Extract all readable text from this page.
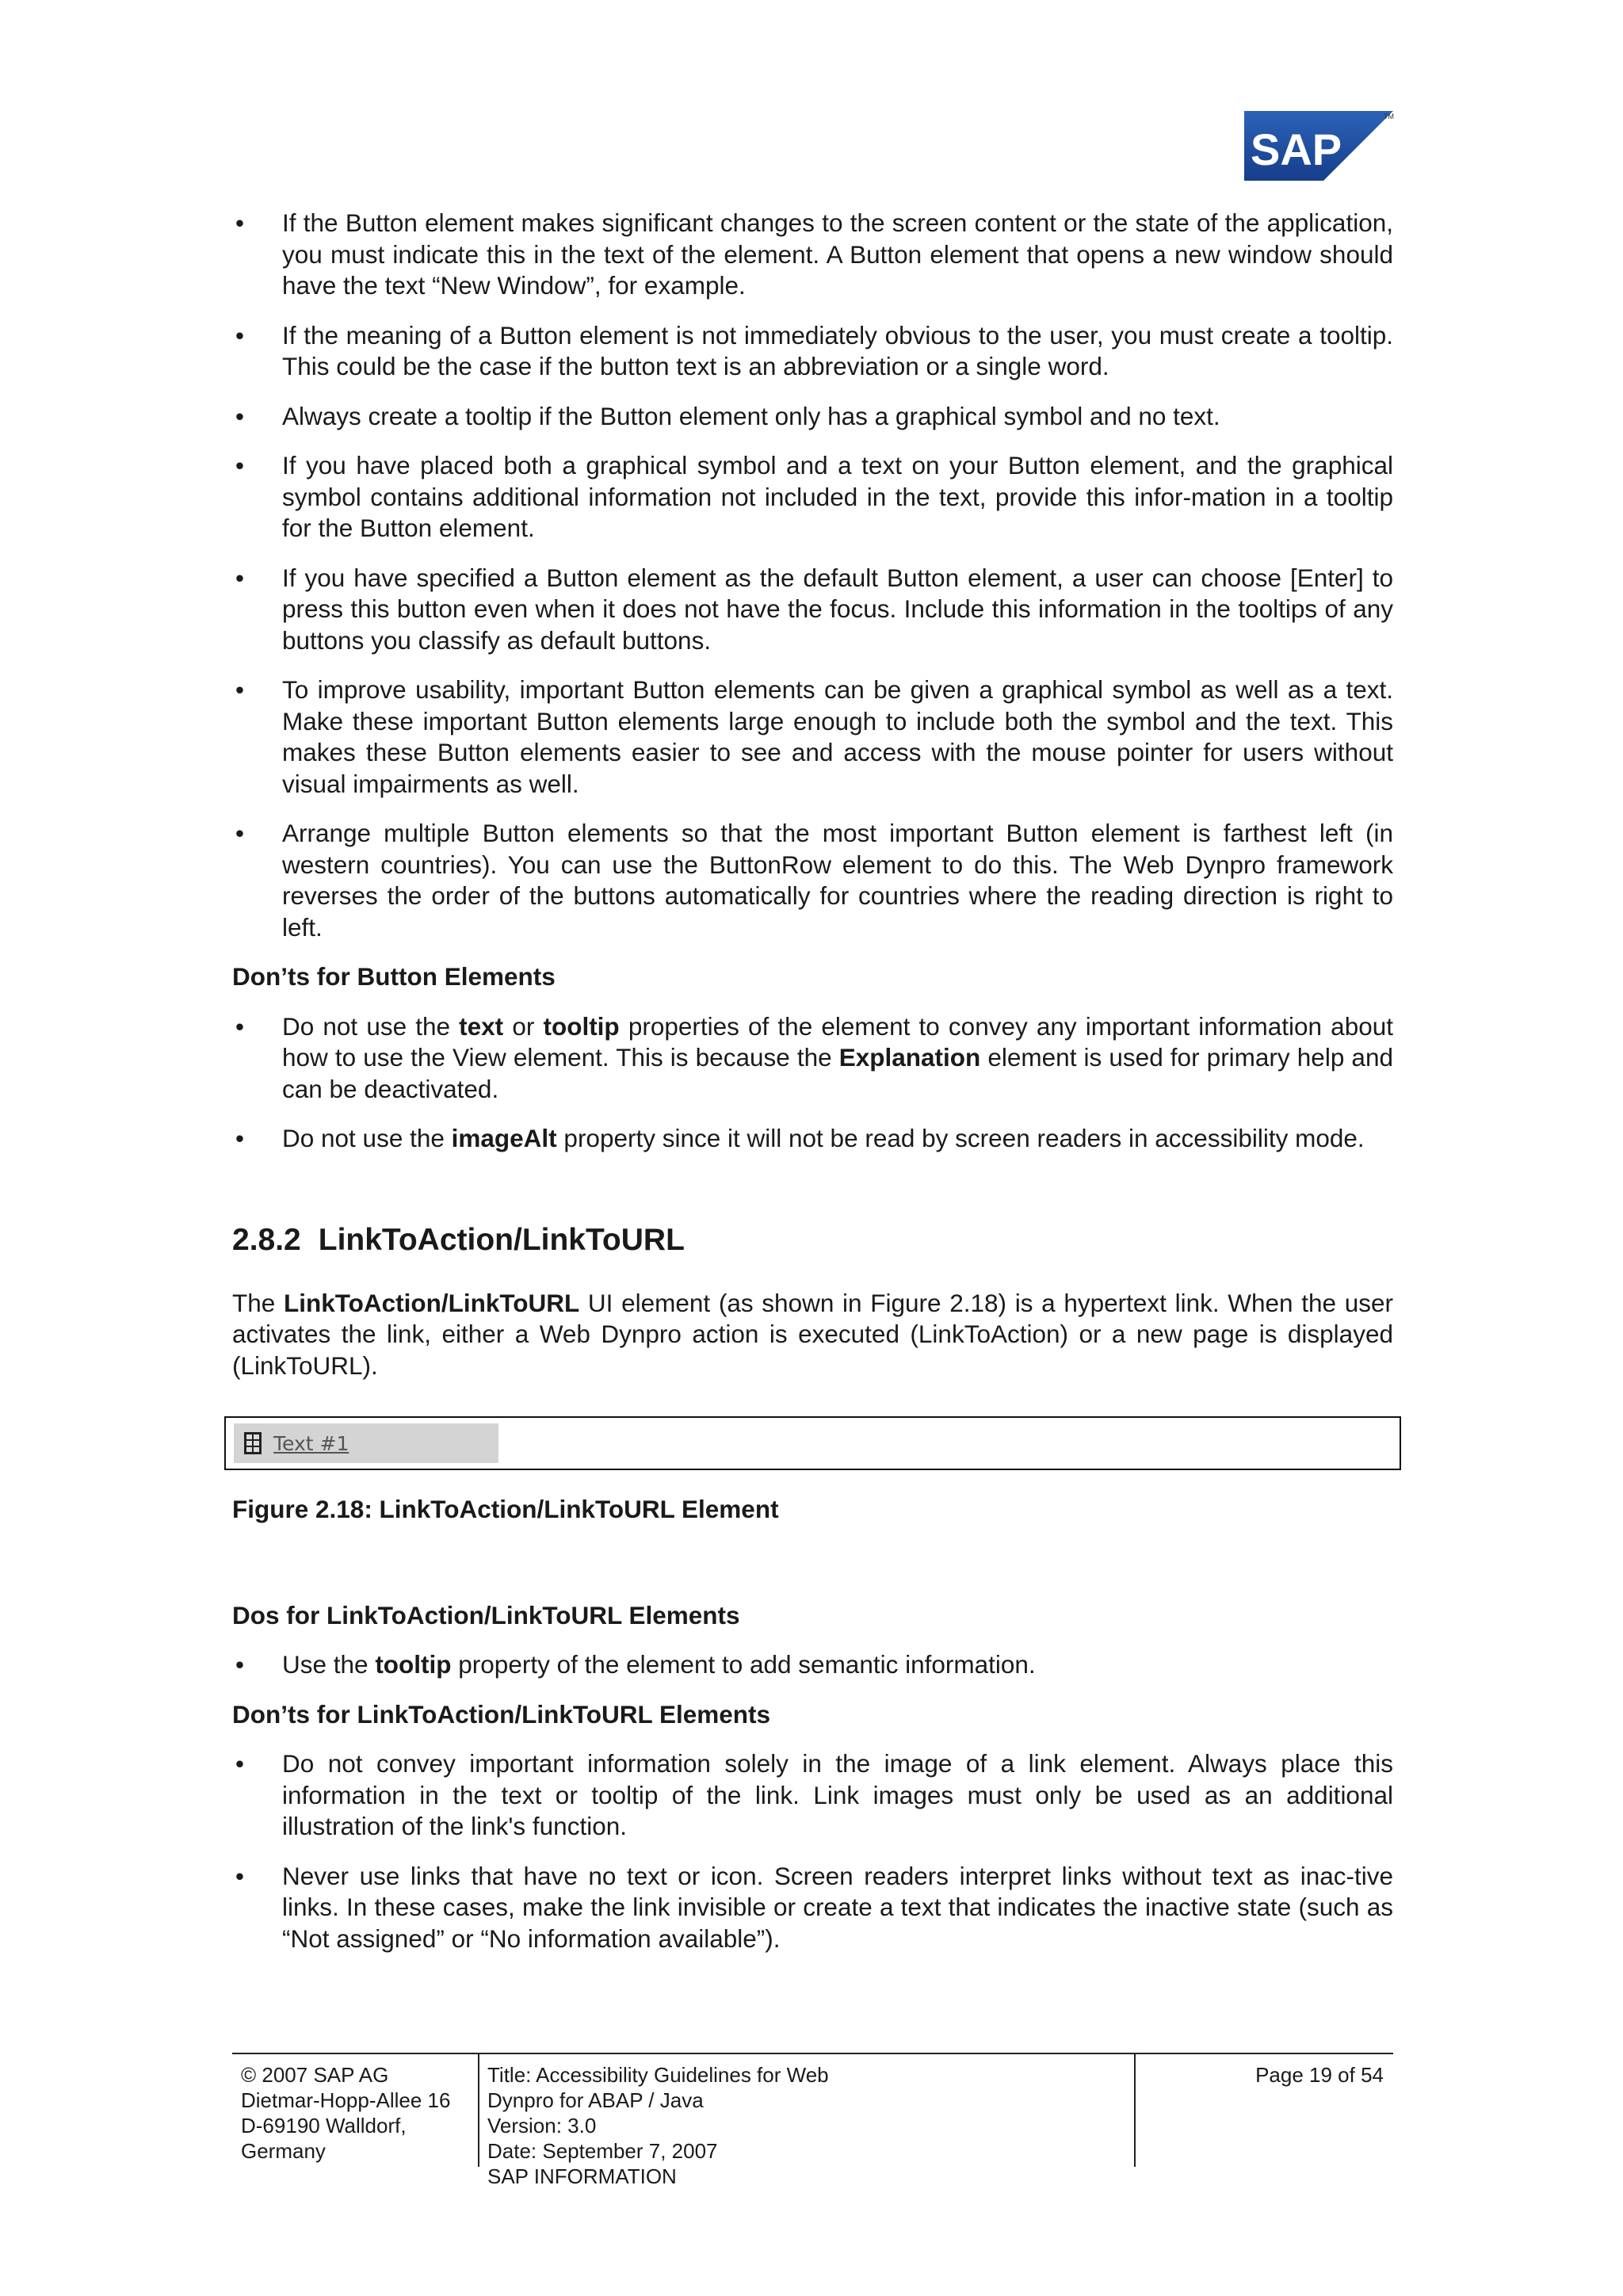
SAP
TM
• If the Button element makes significant changes to the screen content or the state of the application, you must indicate this in the text of the element. A Button element that opens a new window should have the text “New Window”, for example.
• If the meaning of a Button element is not immediately obvious to the user, you must create a tooltip. This could be the case if the button text is an abbreviation or a single word.
• Always create a tooltip if the Button element only has a graphical symbol and no text.
• If you have placed both a graphical symbol and a text on your Button element, and the graphical symbol contains additional information not included in the text, provide this infor-mation in a tooltip for the Button element.
• If you have specified a Button element as the default Button element, a user can choose [Enter] to press this button even when it does not have the focus. Include this information in the tooltips of any buttons you classify as default buttons.
• To improve usability, important Button elements can be given a graphical symbol as well as a text. Make these important Button elements large enough to include both the symbol and the text. This makes these Button elements easier to see and access with the mouse pointer for users without visual impairments as well.
• Arrange multiple Button elements so that the most important Button element is farthest left (in western countries). You can use the ButtonRow element to do this. The Web Dynpro framework reverses the order of the buttons automatically for countries where the reading direction is right to left.
Don’ts for Button Elements
• Do not use the text or tooltip properties of the element to convey any important information about how to use the View element. This is because the Explanation element is used for primary help and can be deactivated.
• Do not use the imageAlt property since it will not be read by screen readers in accessibility mode.
2.8.2 LinkToAction/LinkToURL

The LinkToAction/LinkToURL UI element (as shown in Figure 2.18) is a hypertext link. When the user activates the link, either a Web Dynpro action is executed (LinkToAction) or a new page is displayed (LinkToURL).

Text #1
Figure 2.18: LinkToAction/LinkToURL Element
Dos for LinkToAction/LinkToURL Elements
• Use the tooltip property of the element to add semantic information.
Don’ts for LinkToAction/LinkToURL Elements
• Do not convey important information solely in the image of a link element. Always place this information in the text or tooltip of the link. Link images must only be used as an additional illustration of the link's function.
• Never use links that have no text or icon. Screen readers interpret links without text as inac-tive links. In these cases, make the link invisible or create a text that indicates the inactive state (such as “Not assigned” or “No information available”).
© 2007 SAP AG
Dietmar-Hopp-Allee 16
D-69190 Walldorf,
Germany
Title: Accessibility Guidelines for Web Dynpro for ABAP / Java
Version: 3.0
Date: September 7, 2007
SAP INFORMATION
Page 19 of 54
